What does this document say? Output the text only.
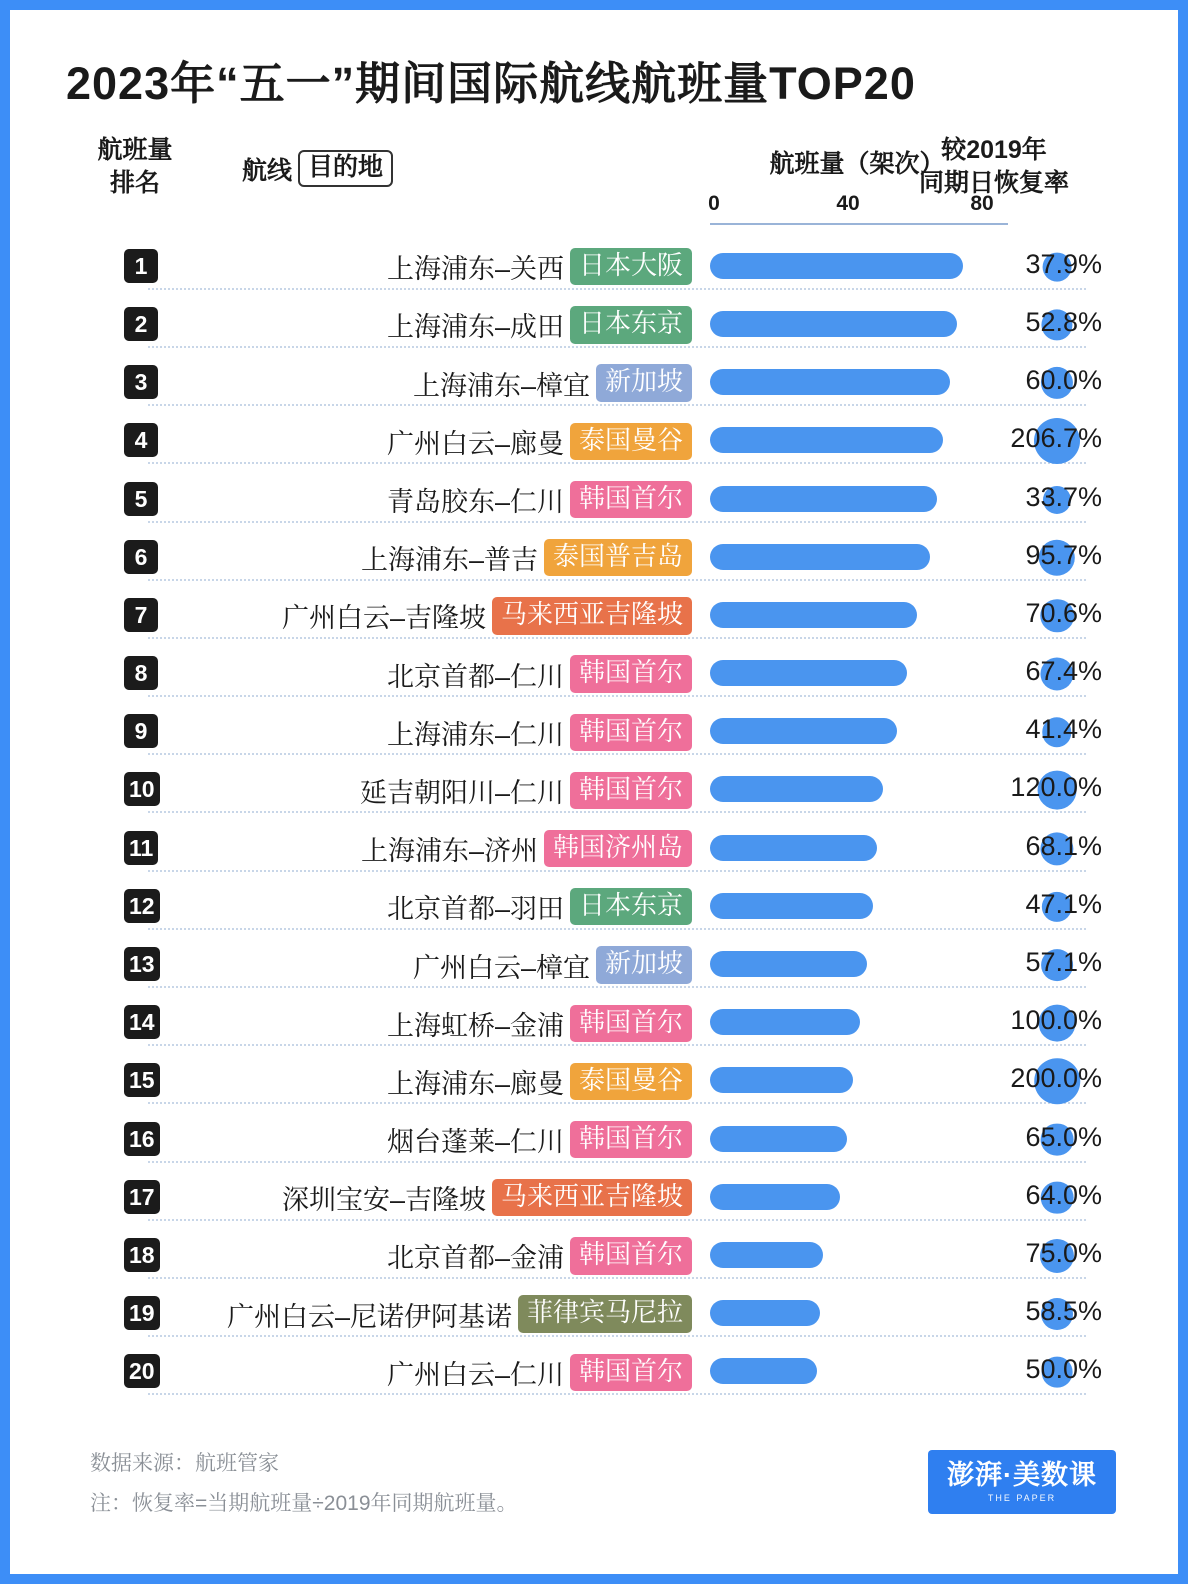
2023年“五一”期间国际航线航班量TOP20
航班量
排名	航线 目的地	航班量（架次）
0	40	80
较2019年
同期日恢复率
1	上海浦东–关西 日本大阪	37.9%
2	上海浦东–成田 日本东京	52.8%
3	上海浦东–樟宜 新加坡	60.0%
4	广州白云–廊曼 泰国曼谷	206.7%
5	青岛胶东–仁川 韩国首尔	33.7%
6	上海浦东–普吉 泰国普吉岛	95.7%
7	广州白云–吉隆坡 马来西亚吉隆坡	70.6%
8	北京首都–仁川 韩国首尔	67.4%
9	上海浦东–仁川 韩国首尔	41.4%
10	延吉朝阳川–仁川 韩国首尔	120.0%
11	上海浦东–济州 韩国济州岛	68.1%
12	北京首都–羽田 日本东京	47.1%
13	广州白云–樟宜 新加坡	57.1%
14	上海虹桥–金浦 韩国首尔	100.0%
15	上海浦东–廊曼 泰国曼谷	200.0%
16	烟台蓬莱–仁川 韩国首尔	65.0%
17	深圳宝安–吉隆坡 马来西亚吉隆坡	64.0%
18	北京首都–金浦 韩国首尔	75.0%
19	广州白云–尼诺伊阿基诺 菲律宾马尼拉	58.5%
20	广州白云–仁川 韩国首尔	50.0%
数据来源：航班管家
注：恢复率=当期航班量÷2019年同期航班量。
澎湃·美数课
THE PAPER
